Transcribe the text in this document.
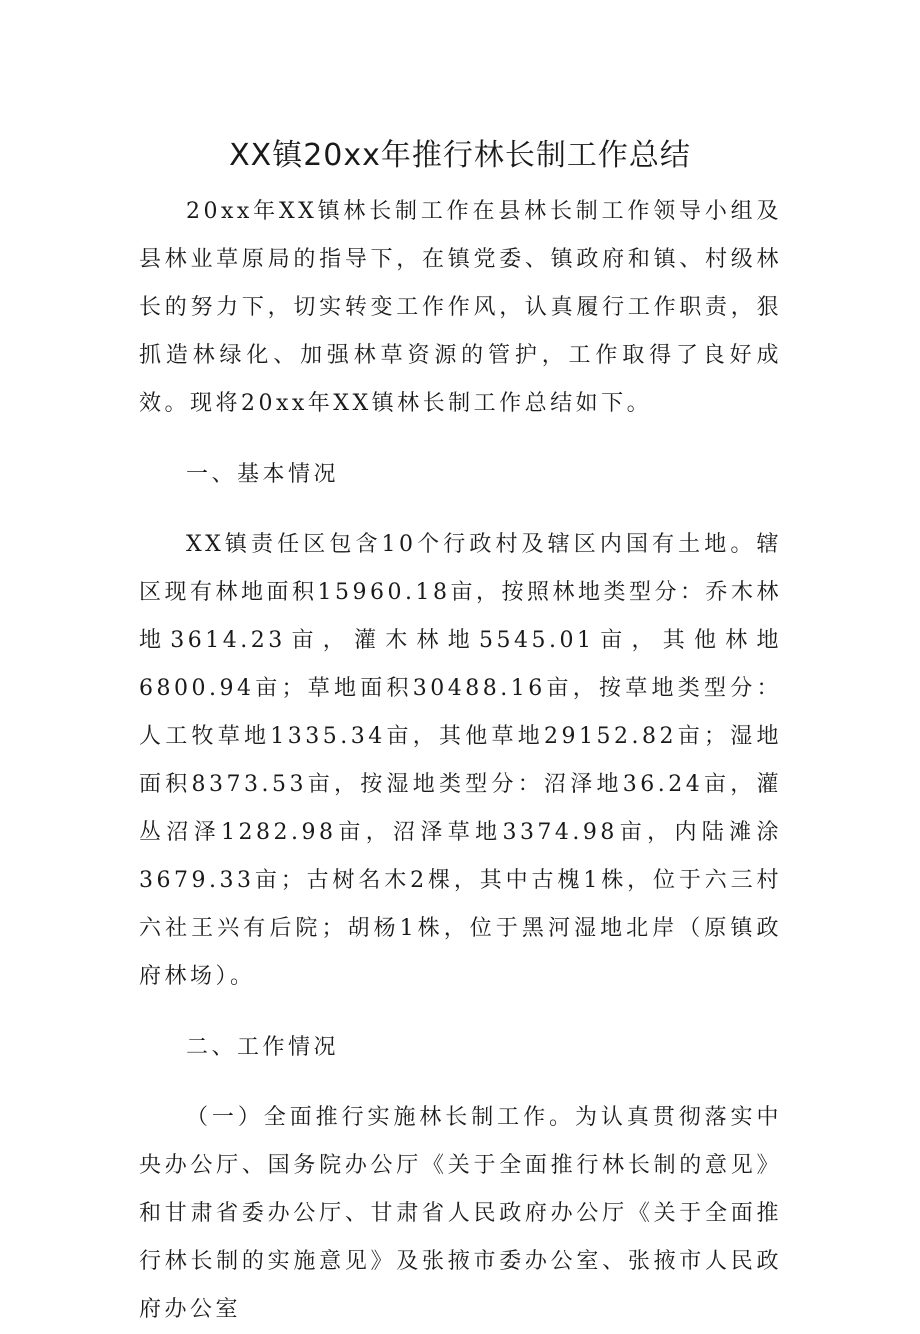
XX镇20xx年推行林长制工作总结

20xx年XX镇林长制工作在县林长制工作领导小组及县林业草原局的指导下，在镇党委、镇政府和镇、村级林长的努力下，切实转变工作作风，认真履行工作职责，狠抓造林绿化、加强林草资源的管护，工作取得了良好成效。现将20xx年XX镇林长制工作总结如下。

一、基本情况

XX镇责任区包含10个行政村及辖区内国有土地。辖区现有林地面积15960.18亩，按照林地类型分：乔木林地3614.23亩，灌木林地5545.01亩，其他林地6800.94亩；草地面积30488.16亩，按草地类型分：人工牧草地1335.34亩，其他草地29152.82亩；湿地面积8373.53亩，按湿地类型分：沼泽地36.24亩，灌丛沼泽1282.98亩，沼泽草地3374.98亩，内陆滩涂3679.33亩；古树名木2棵，其中古槐1株，位于六三村六社王兴有后院；胡杨1株，位于黑河湿地北岸（原镇政府林场）。

二、工作情况

（一）全面推行实施林长制工作。为认真贯彻落实中央办公厅、国务院办公厅《关于全面推行林长制的意见》和甘肃省委办公厅、甘肃省人民政府办公厅《关于全面推行林长制的实施意见》及张掖市委办公室、张掖市人民政府办公室
